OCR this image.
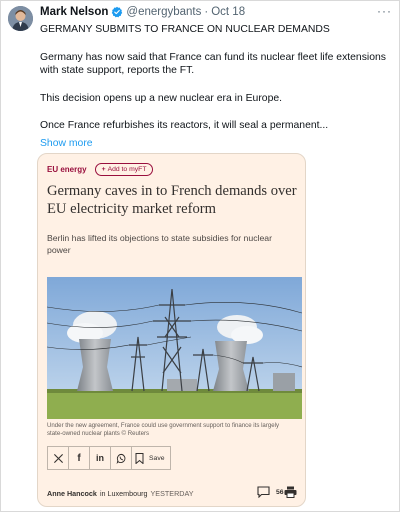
Mark Nelson @energybants · Oct 18	···

GERMANY SUBMITS TO FRANCE ON NUCLEAR DEMANDS

Germany has now said that France can fund its nuclear fleet life extensions

with state support, reports the FT.

This decision opens up a new nuclear era in Europe.

Once France refurbishes its reactors, it will seal a permanent...

Show more
EU energy	+ Add to myFT
Germany caves in to French demands over
EU electricity market reform
Berlin has lifted its objections to state subsidies for nuclear
power
Under the new agreement, France could use government support to finance its largely
state-owned nuclear plants © Reuters
f in	Save
Anne Hancock in Luxembourg YESTERDAY	56
